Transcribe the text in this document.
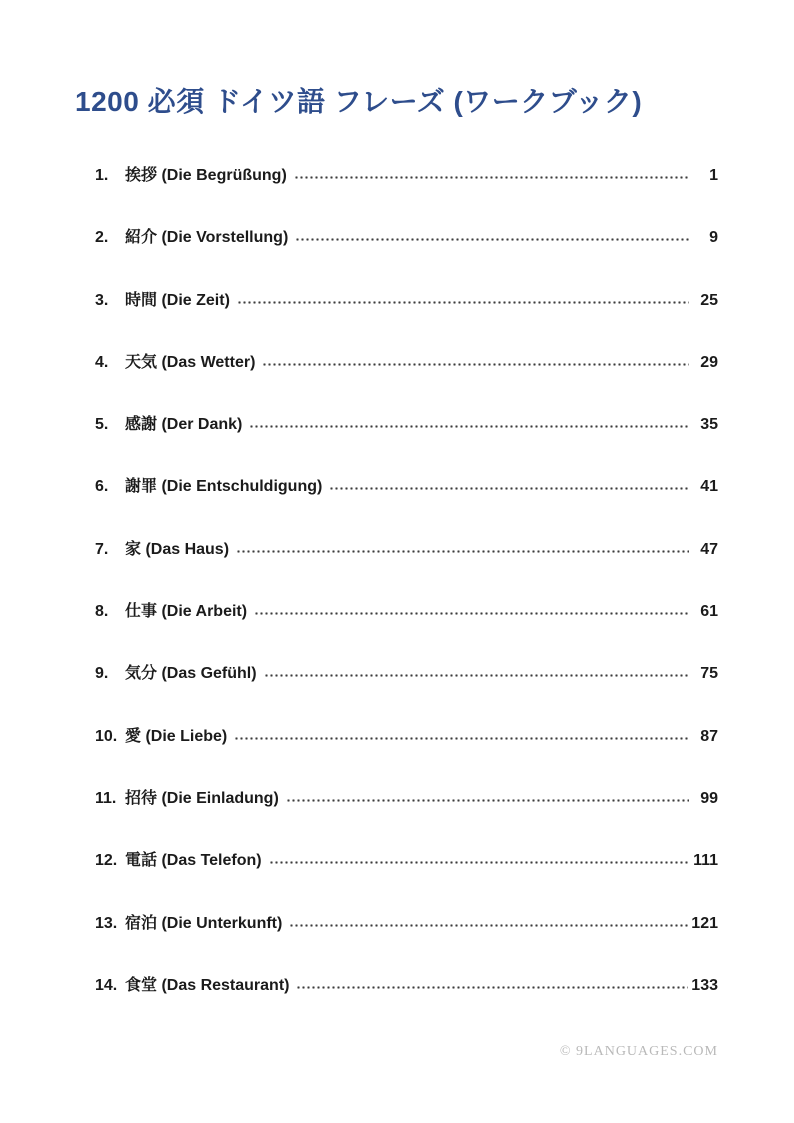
1200 必須 ドイツ語 フレーズ (ワークブック)
1.	挨拶 (Die Begrüßung)	1
2.	紹介 (Die Vorstellung)	9
3.	時間 (Die Zeit)	25
4.	天気 (Das Wetter)	29
5.	感謝 (Der Dank)	35
6.	謝罪 (Die Entschuldigung)	41
7.	家 (Das Haus)	47
8.	仕事 (Die Arbeit)	61
9.	気分 (Das Gefühl)	75
10. 愛 (Die Liebe)	87
11. 招待 (Die Einladung)	99
12. 電話 (Das Telefon)	111
13. 宿泊 (Die Unterkunft)	121
14. 食堂 (Das Restaurant)	133
© 9LANGUAGES.COM
